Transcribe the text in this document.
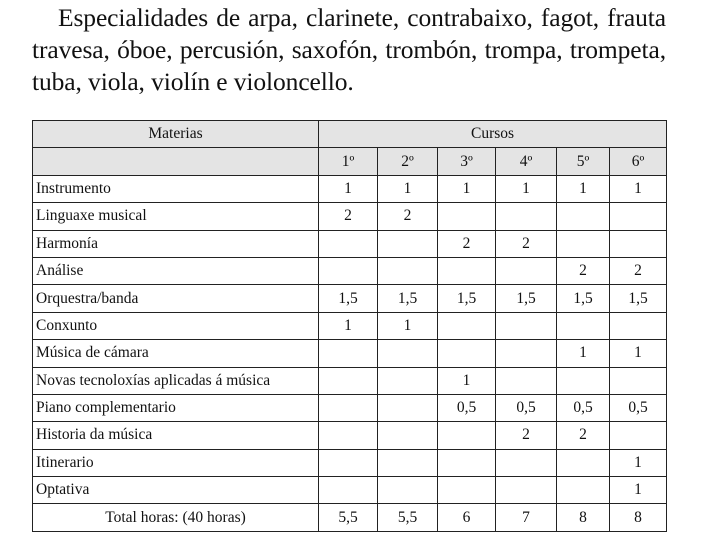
Especialidades de arpa, clarinete, contrabaixo, fagot, frauta travesa, óboe, percusión, saxofón, trombón, trompa, trompeta, tuba, viola, violín e violoncello.

Materias	Cursos					
	1º	2º	3º	4º	5º	6º
Instrumento	1	1	1	1	1	1
Linguaxe musical	2	2				
Harmonía			2	2		
Análise					2	2
Orquestra/banda	1,5	1,5	1,5	1,5	1,5	1,5
Conxunto	1	1				
Música de cámara					1	1
Novas tecnoloxías aplicadas á música			1			
Piano complementario			0,5	0,5	0,5	0,5
Historia da música				2	2	
Itinerario						1
Optativa						1
Total horas: (40 horas)	5,5	5,5	6	7	8	8
